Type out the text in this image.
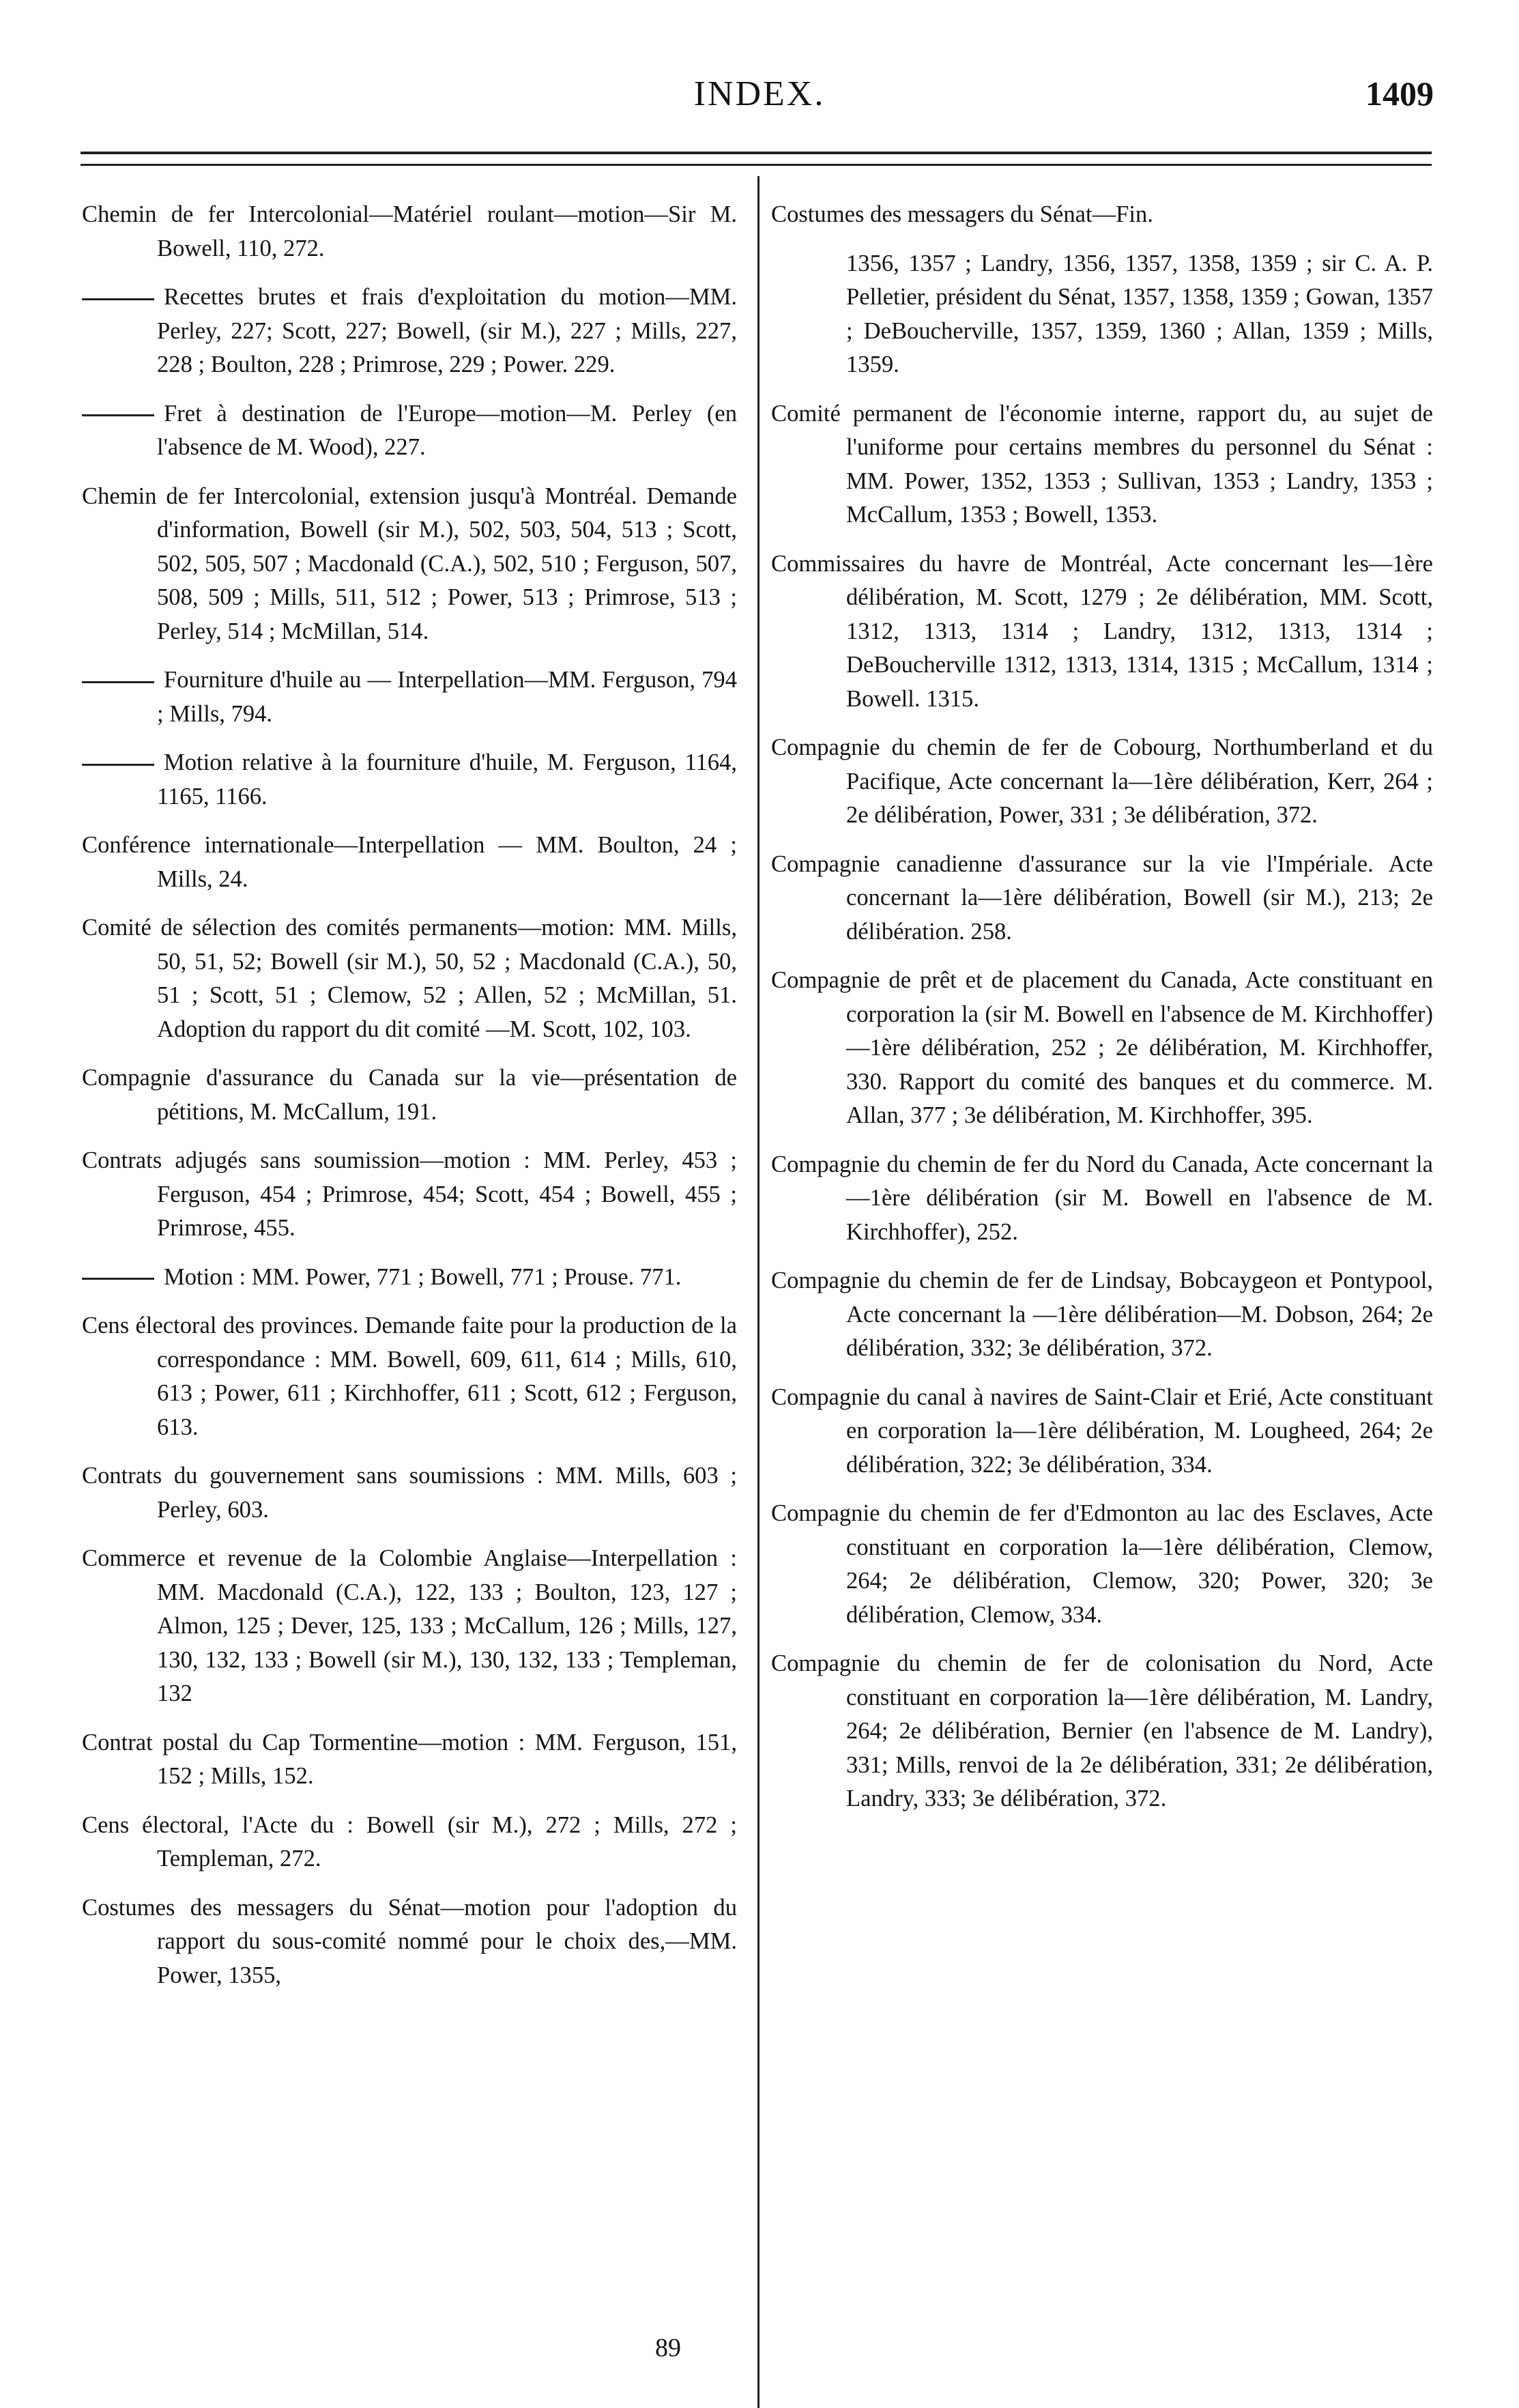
INDEX.	1409

Chemin de fer Intercolonial—Matériel roulant—motion—Sir M. Bowell, 110, 272.

Recettes brutes et frais d'exploitation du motion—MM. Perley, 227; Scott, 227; Bowell, (sir M.), 227 ; Mills, 227, 228 ; Boulton, 228 ; Primrose, 229 ; Power. 229.

Fret à destination de l'Europe—motion—M. Perley (en l'absence de M. Wood), 227.

Chemin de fer Intercolonial, extension jusqu'à Montréal. Demande d'information, Bowell (sir M.), 502, 503, 504, 513 ; Scott, 502, 505, 507 ; Macdonald (C.A.), 502, 510 ; Ferguson, 507, 508, 509 ; Mills, 511, 512 ; Power, 513 ; Primrose, 513 ; Perley, 514 ; McMillan, 514.

Fourniture d'huile au — Interpellation—MM. Ferguson, 794 ; Mills, 794.

Motion relative à la fourniture d'huile, M. Ferguson, 1164, 1165, 1166.

Conférence internationale—Interpellation — MM. Boulton, 24 ; Mills, 24.

Comité de sélection des comités permanents—motion: MM. Mills, 50, 51, 52; Bowell (sir M.), 50, 52 ; Macdonald (C.A.), 50, 51 ; Scott, 51 ; Clemow, 52 ; Allen, 52 ; McMillan, 51. Adoption du rapport du dit comité —M. Scott, 102, 103.

Compagnie d'assurance du Canada sur la vie—présentation de pétitions, M. McCallum, 191.

Contrats adjugés sans soumission—motion : MM. Perley, 453 ; Ferguson, 454 ; Primrose, 454; Scott, 454 ; Bowell, 455 ; Primrose, 455.

Motion : MM. Power, 771 ; Bowell, 771 ; Prouse. 771.

Cens électoral des provinces. Demande faite pour la production de la correspondance : MM. Bowell, 609, 611, 614 ; Mills, 610, 613 ; Power, 611 ; Kirchhoffer, 611 ; Scott, 612 ; Ferguson, 613.

Contrats du gouvernement sans soumissions : MM. Mills, 603 ; Perley, 603.

Commerce et revenue de la Colombie Anglaise—Interpellation : MM. Macdonald (C.A.), 122, 133 ; Boulton, 123, 127 ; Almon, 125 ; Dever, 125, 133 ; McCallum, 126 ; Mills, 127, 130, 132, 133 ; Bowell (sir M.), 130, 132, 133 ; Templeman, 132

Contrat postal du Cap Tormentine—motion : MM. Ferguson, 151, 152 ; Mills, 152.

Cens électoral, l'Acte du : Bowell (sir M.), 272 ; Mills, 272 ; Templeman, 272.

Costumes des messagers du Sénat—motion pour l'adoption du rapport du sous-comité nommé pour le choix des,—MM. Power, 1355,

Costumes des messagers du Sénat—Fin.

1356, 1357 ; Landry, 1356, 1357, 1358, 1359 ; sir C. A. P. Pelletier, président du Sénat, 1357, 1358, 1359 ; Gowan, 1357 ; DeBoucherville, 1357, 1359, 1360 ; Allan, 1359 ; Mills, 1359.

Comité permanent de l'économie interne, rapport du, au sujet de l'uniforme pour certains membres du personnel du Sénat : MM. Power, 1352, 1353 ; Sullivan, 1353 ; Landry, 1353 ; McCallum, 1353 ; Bowell, 1353.

Commissaires du havre de Montréal, Acte concernant les—1ère délibération, M. Scott, 1279 ; 2e délibération, MM. Scott, 1312, 1313, 1314 ; Landry, 1312, 1313, 1314 ; DeBoucherville 1312, 1313, 1314, 1315 ; McCallum, 1314 ; Bowell. 1315.

Compagnie du chemin de fer de Cobourg, Northumberland et du Pacifique, Acte concernant la—1ère délibération, Kerr, 264 ; 2e délibération, Power, 331 ; 3e délibération, 372.

Compagnie canadienne d'assurance sur la vie l'Impériale. Acte concernant la—1ère délibération, Bowell (sir M.), 213; 2e délibération. 258.

Compagnie de prêt et de placement du Canada, Acte constituant en corporation la (sir M. Bowell en l'absence de M. Kirchhoffer)—1ère délibération, 252 ; 2e délibération, M. Kirchhoffer, 330. Rapport du comité des banques et du commerce. M. Allan, 377 ; 3e délibération, M. Kirchhoffer, 395.

Compagnie du chemin de fer du Nord du Canada, Acte concernant la—1ère délibération (sir M. Bowell en l'absence de M. Kirchhoffer), 252.

Compagnie du chemin de fer de Lindsay, Bobcaygeon et Pontypool, Acte concernant la —1ère délibération—M. Dobson, 264; 2e délibération, 332; 3e délibération, 372.

Compagnie du canal à navires de Saint-Clair et Erié, Acte constituant en corporation la—1ère délibération, M. Lougheed, 264; 2e délibération, 322; 3e délibération, 334.

Compagnie du chemin de fer d'Edmonton au lac des Esclaves, Acte constituant en corporation la—1ère délibération, Clemow, 264; 2e délibération, Clemow, 320; Power, 320; 3e délibération, Clemow, 334.

Compagnie du chemin de fer de colonisation du Nord, Acte constituant en corporation la—1ère délibération, M. Landry, 264; 2e délibération, Bernier (en l'absence de M. Landry), 331; Mills, renvoi de la 2e délibération, 331; 2e délibération, Landry, 333; 3e délibération, 372.

89
